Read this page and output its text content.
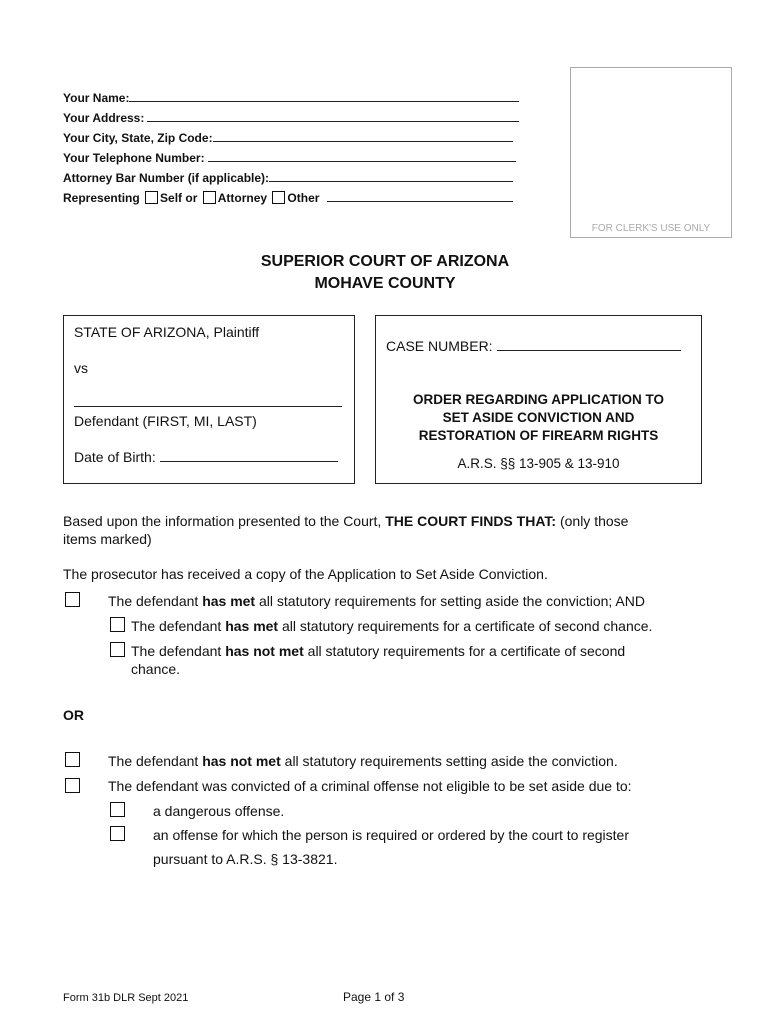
Your Name:
Your Address:
Your City, State, Zip Code:
Your Telephone Number:
Attorney Bar Number (if applicable):
Representing Self or Attorney Other
FOR CLERK'S USE ONLY
SUPERIOR COURT OF ARIZONA
MOHAVE COUNTY
STATE OF ARIZONA, Plaintiff
vs
Defendant (FIRST, MI, LAST)
Date of Birth:
CASE NUMBER:
ORDER REGARDING APPLICATION TO
SET ASIDE CONVICTION AND
RESTORATION OF FIREARM RIGHTS
A.R.S. §§ 13-905 & 13-910
Based upon the information presented to the Court, THE COURT FINDS THAT: (only those
items marked)
The prosecutor has received a copy of the Application to Set Aside Conviction.
The defendant has met all statutory requirements for setting aside the conviction; AND
The defendant has met all statutory requirements for a certificate of second chance.
The defendant has not met all statutory requirements for a certificate of second
chance.
OR
The defendant has not met all statutory requirements setting aside the conviction.
The defendant was convicted of a criminal offense not eligible to be set aside due to:
a dangerous offense.
an offense for which the person is required or ordered by the court to register
pursuant to A.R.S. § 13-3821.
Form 31b DLR Sept 2021	Page 1 of 3
